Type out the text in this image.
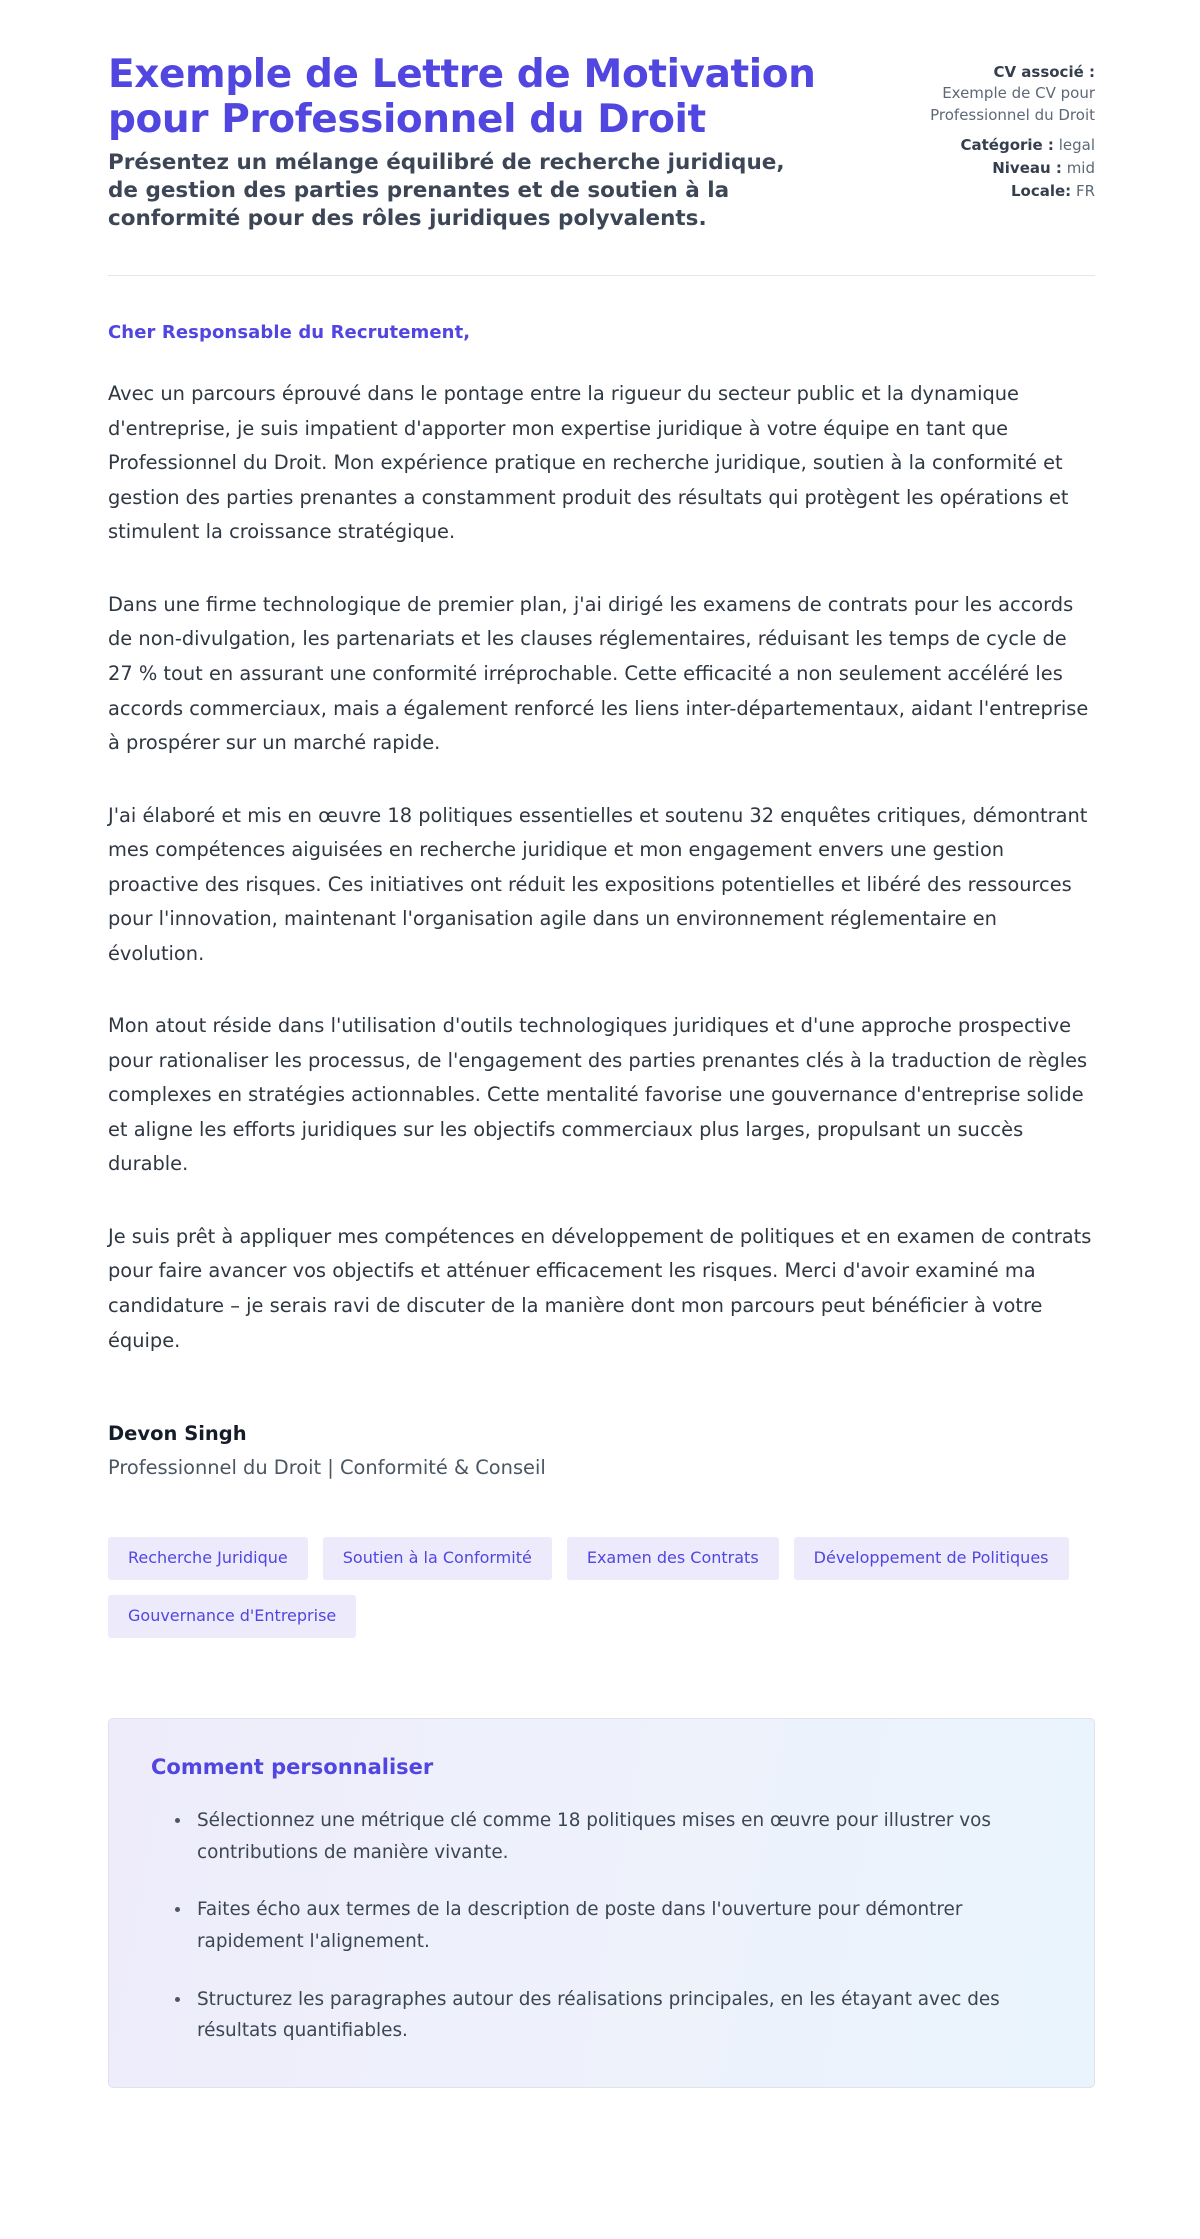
Exemple de Lettre de Motivation pour Professionnel du Droit

Présentez un mélange équilibré de recherche juridique, de gestion des parties prenantes et de soutien à la conformité pour des rôles juridiques polyvalents.

CV associé :
Exemple de CV pour Professionnel du Droit
Catégorie : legal
Niveau : mid
Locale: FR

Cher Responsable du Recrutement,

Avec un parcours éprouvé dans le pontage entre la rigueur du secteur public et la dynamique d'entreprise, je suis impatient d'apporter mon expertise juridique à votre équipe en tant que Professionnel du Droit. Mon expérience pratique en recherche juridique, soutien à la conformité et gestion des parties prenantes a constamment produit des résultats qui protègent les opérations et stimulent la croissance stratégique.

Dans une firme technologique de premier plan, j'ai dirigé les examens de contrats pour les accords de non-divulgation, les partenariats et les clauses réglementaires, réduisant les temps de cycle de 27 % tout en assurant une conformité irréprochable. Cette efficacité a non seulement accéléré les accords commerciaux, mais a également renforcé les liens inter-départementaux, aidant l'entreprise à prospérer sur un marché rapide.

J'ai élaboré et mis en œuvre 18 politiques essentielles et soutenu 32 enquêtes critiques, démontrant mes compétences aiguisées en recherche juridique et mon engagement envers une gestion proactive des risques. Ces initiatives ont réduit les expositions potentielles et libéré des ressources pour l'innovation, maintenant l'organisation agile dans un environnement réglementaire en évolution.

Mon atout réside dans l'utilisation d'outils technologiques juridiques et d'une approche prospective pour rationaliser les processus, de l'engagement des parties prenantes clés à la traduction de règles complexes en stratégies actionnables. Cette mentalité favorise une gouvernance d'entreprise solide et aligne les efforts juridiques sur les objectifs commerciaux plus larges, propulsant un succès durable.

Je suis prêt à appliquer mes compétences en développement de politiques et en examen de contrats pour faire avancer vos objectifs et atténuer efficacement les risques. Merci d'avoir examiné ma candidature – je serais ravi de discuter de la manière dont mon parcours peut bénéficier à votre équipe.

Devon Singh

Professionnel du Droit | Conformité & Conseil

Recherche Juridique	Soutien à la Conformité	Examen des Contrats	Développement de Politiques
Gouvernance d'Entreprise
Comment personnaliser
Sélectionnez une métrique clé comme 18 politiques mises en œuvre pour illustrer vos contributions de manière vivante.
Faites écho aux termes de la description de poste dans l'ouverture pour démontrer rapidement l'alignement.
Structurez les paragraphes autour des réalisations principales, en les étayant avec des résultats quantifiables.
